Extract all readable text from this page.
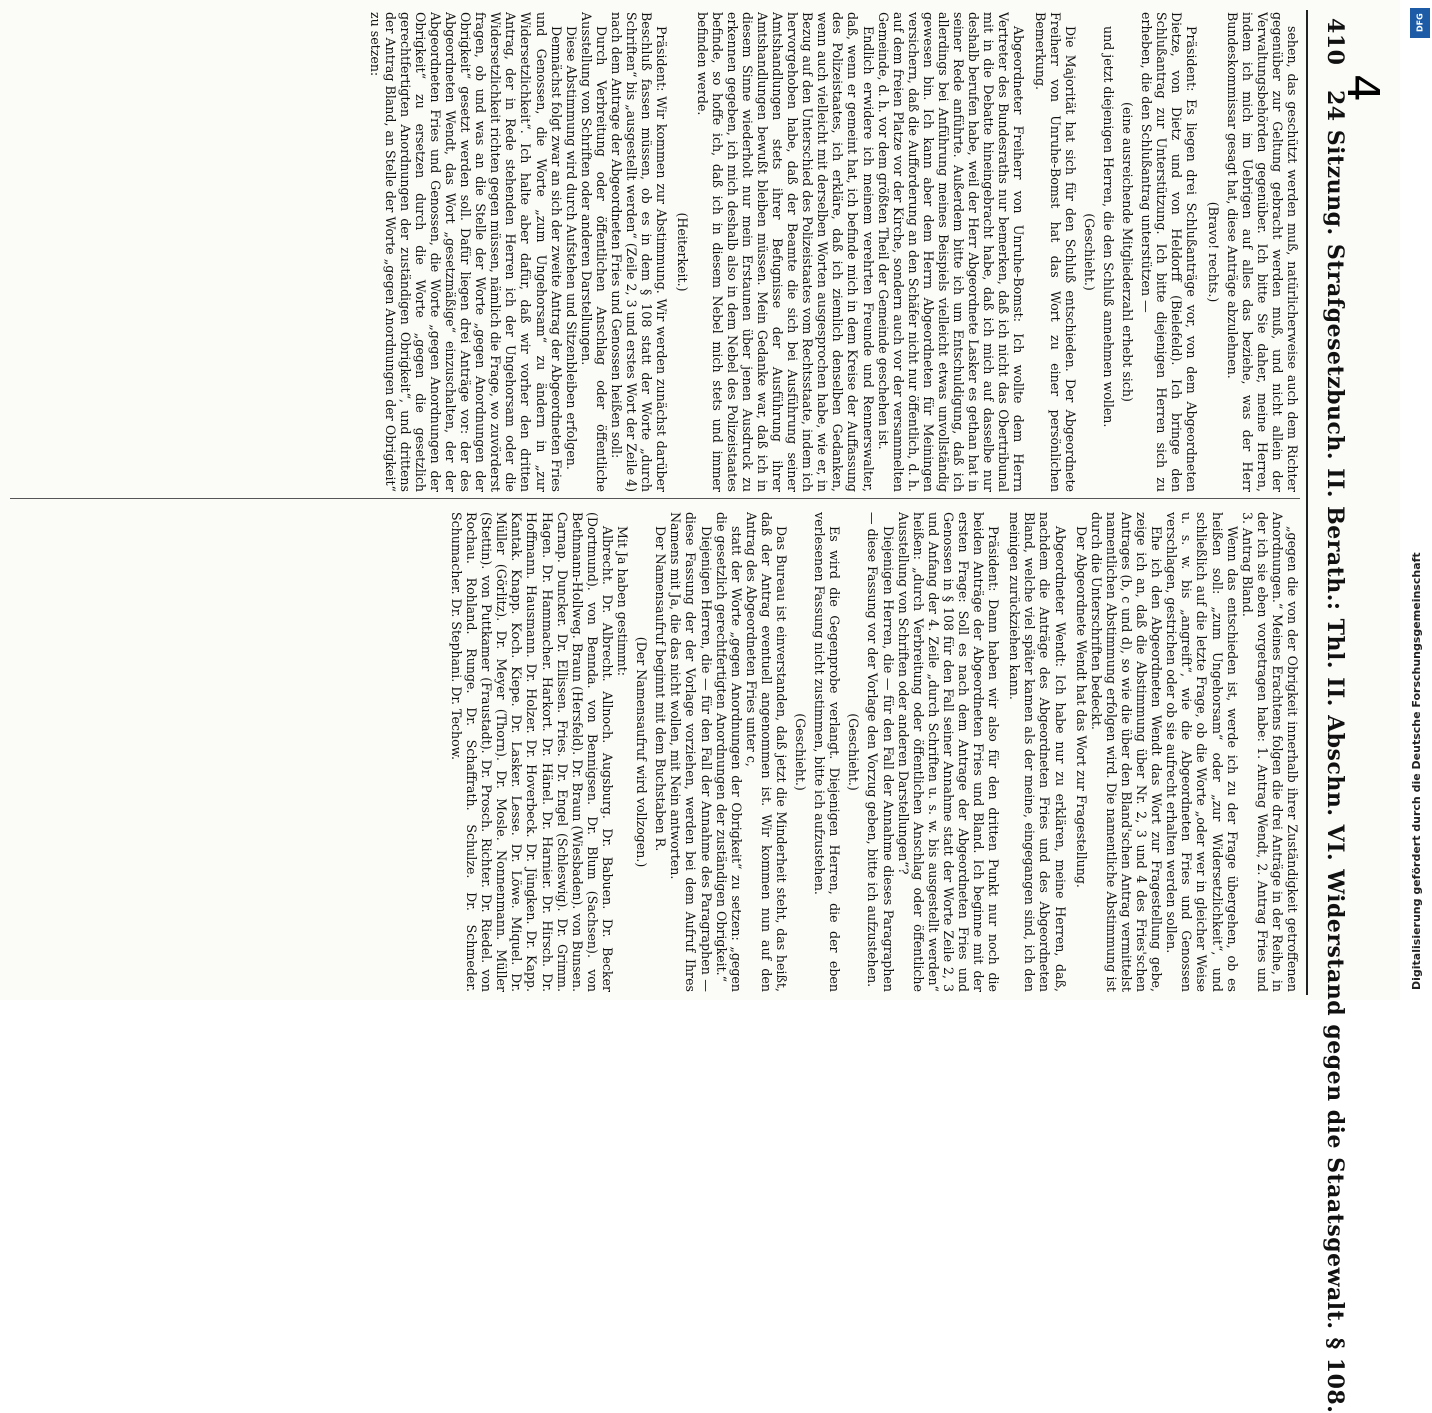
4
410
24 Sitzung. Strafgesetzbuch. II. Berath.: Thl. II. Abschn. VI. Widerstand gegen die Staatsgewalt. § 108.

sehen, das geschützt werden muß, natürlicherweise auch dem Richter gegenüber zur Geltung gebracht werden muß, und nicht allein der Verwaltungsbehörden gegenüber. Ich bitte Sie daher, meine Herren, indem ich mich im Uebrigen auf alles das beziehe, was der Herr Bundeskommissar gesagt hat, diese Anträge abzulehnen.

(Bravo! rechts.)

Präsident: Es liegen drei Schlußanträge vor, von dem Abgeordneten Dietze, von Dietz und von Heldorff (Bielefeld). Ich bringe den Schlußantrag zur Unterstützung. Ich bitte diejenigen Herren sich zu erheben, die den Schlußantrag unterstützen —

(eine ausreichende Mitgliederzahl erhebt sich)

und jetzt diejenigen Herren, die den Schluß annehmen wollen.

(Geschieht.)

Die Majorität hat sich für den Schluß entschieden. Der Abgeordnete Freiherr von Unruhe-Bomst hat das Wort zu einer persönlichen Bemerkung.

Abgeordneter Freiherr von Unruhe-Bomst: Ich wollte dem Herrn Vertreter des Bundesraths nur bemerken, daß ich nicht das Obertribunal mit in die Debatte hineingebracht habe, daß ich mich auf dasselbe nur deshalb berufen habe, weil der Herr Abgeordnete Lasker es gethan hat in seiner Rede anführte. Außerdem bitte ich um Entschuldigung, daß ich allerdings bei Anführung meines Beispiels vielleicht etwas unvollständig gewesen bin. Ich kann aber dem Herrn Abgeordneten für Meiningen versichern, daß die Aufforderung an den Schäfer nicht nur öffentlich, d. h. auf dem freien Platze vor der Kirche, sondern auch vor der versammelten Gemeinde, d. h. vor dem größten Theil der Gemeinde geschehen ist.

Endlich erwidere ich meinem verehrten Freunde und Rennerswalter, daß, wenn er gemeint hat, ich befinde mich in dem Kreise der Auffassung des Polizeistaates, ich erkläre, daß ich ziemlich denselben Gedanken, wenn auch vielleicht mit derselben Worten ausgesprochen habe, wie er, in Bezug auf den Unterschied des Polizeistaates vom Rechtsstaate, indem ich hervorgehoben habe, daß der Beamte die sich bei Ausführung seiner Amtshandlungen stets ihrer Befugnisse der Ausführung ihrer Amtshandlungen bewußt bleiben müssen. Mein Gedanke war, daß ich in diesem Sinne wiederholt nur mein Erstaunen über jenen Ausdruck zu erkennen gegeben, ich mich deshalb also in dem Nebel des Polizeistaates befinde, so hoffe ich, daß ich in diesem Nebel mich stets und immer befinden werde.

(Heiterkeit.)

Präsident: Wir kommen zur Abstimmung. Wir werden zunächst darüber Beschluß fassen müssen, ob es in dem § 108 statt der Worte „durch Schriften“ bis „ausgestellt werden“ (Zeile 2, 3 und erstes Wort der Zeile 4) nach dem Antrage der Abgeordneten Fries und Genossen heißen soll:

Durch Verbreitung oder öffentlichen Anschlag oder öffentliche Ausstellung von Schriften oder anderen Darstellungen.

Diese Abstimmung wird durch Aufstehen und Sitzenbleiben erfolgen.

Demnächst folgt zwar an sich der zweite Antrag der Abgeordneten Fries und Genossen, die Worte „zum Ungehorsam“ zu ändern in „zur Widersetzlichkeit“. Ich halte aber dafür, daß wir vorher den dritten Antrag, der in Rede stehenden Herren ich der Ungehorsam oder die Widersetzlichkeit richten gegen müssen, nämlich die Frage, wo zuvörderst fragen, ob und was an die Stelle der Worte „gegen Anordnungen der Obrigkeit“ gesetzt werden soll. Dafür liegen drei Anträge vor: der des Abgeordneten Wendt, das Wort „gesetzmäßige“ einzuschalten, der der Abgeordneten Fries und Genossen, die Worte „gegen Anordnungen der Obrigkeit“ zu ersetzen durch die Worte „gegen die gesetzlich gerechtfertigten Anordnungen der zuständigen Obrigkeit“, und drittens der Antrag Bland, an Stelle der Worte „gegen Anordnungen der Obrigkeit“ zu setzen:

„gegen die von der Obrigkeit innerhalb ihrer Zuständigkeit getroffenen Anordnungen.“ Meines Erachtens folgen die drei Anträge in der Reihe, in der ich sie eben vorgetragen habe: 1. Antrag Wendt, 2. Antrag Fries und 3. Antrag Bland.

Wenn das entschieden ist, werde ich zu der Frage übergehen, ob es heißen soll: „zum Ungehorsam“ oder „zur Widersetzlichkeit“, und schließlich auf die letzte Frage, ob die Worte „oder wer in gleicher Weise u. s. w. bis „angreift“, wie die Abgeordneten Fries und Genossen verschlagen, gestrichen oder ob sie aufrecht erhalten werden sollen.

Ehe ich den Abgeordneten Wendt das Wort zur Fragestellung gebe, zeige ich an, daß die Abstimmung über Nr. 2, 3 und 4 des Fries'schen Antrages (b, c und d), so wie die über den Bland'schen Antrag vermittelst namentlichen Abstimmung erfolgen wird. Die namentliche Abstimmung ist durch die Unterschriften bedeckt.

Der Abgeordnete Wendt hat das Wort zur Fragestellung.

Abgeordneter Wendt: Ich habe nur zu erklären, meine Herren, daß, nachdem die Anträge des Abgeordneten Fries und des Abgeordneten Bland, welche viel später kamen als der meine, eingegangen sind, ich den meinigen zurückziehen kann.

Präsident: Dann haben wir also für den dritten Punkt nur noch die beiden Anträge der Abgeordneten Fries und Bland. Ich beginne mit der ersten Frage: Soll es nach dem Antrage der Abgeordneten Fries und Genossen in § 108 für den Fall seiner Annahme statt der Worte Zeile 2, 3 und Anfang der 4. Zeile „durch Schriften u. s. w. bis ausgestellt werden“ heißen: „durch Verbreitung oder öffentlichen Anschlag oder öffentliche Ausstellung von Schriften oder anderen Darstellungen“?

Diejenigen Herren, die — für den Fall der Annahme dieses Paragraphen — diese Fassung vor der Vorlage den Vorzug geben, bitte ich aufzustehen.

(Geschieht.)

Es wird die Gegenprobe verlangt. Diejenigen Herren, die der eben verlesenen Fassung nicht zustimmen, bitte ich aufzustehen.

(Geschieht.)

Das Bureau ist einverstanden, daß jetzt die Minderheit steht, das heißt, daß der Antrag eventuell angenommen ist. Wir kommen nun auf den Antrag des Abgeordneten Fries unter c,

statt der Worte „gegen Anordnungen der Obrigkeit“ zu setzen: „gegen die gesetzlich gerechtfertigten Anordnungen der zuständigen Obrigkeit.“

Diejenigen Herren, die — für den Fall der Annahme des Paragraphen — diese Fassung der der Vorlage vorziehen, werden bei dem Aufruf Ihres Namens mit Ja, die das nicht wollen, mit Nein antworten.

Der Namensaufruf beginnt mit dem Buchstaben R.

(Der Namensaufruf wird vollzogen.)

Mit Ja haben gestimmt:

Albrecht. Dr. Albrecht. Allnoch. Augsburg. Dr. Babuen. Dr. Becker (Dortmund). von Bennda. von Bennigsen. Dr. Blum (Sachsen). von Bethmann-Hollweg. Braun (Hersfeld). Dr. Braun (Wiesbaden). von Bunsen. Carnap. Duncker. Dr. Ellissen. Fries. Dr. Engel (Schleswig). Dr. Grimm. Hagen. Dr. Hammacher. Harkort. Dr. Hänel. Dr. Harnier. Dr. Hirsch. Dr. Hoffmann. Hausmann. Dr. Holzer. Dr. Hoverbeck. Dr. Jüngken. Dr. Kapp. Kantak. Knapp. Koch. Kiepe. Dr. Lasker. Lesse. Dr. Löwe. Miquel. Dr. Müller (Görlitz). Dr. Meyer (Thorn). Dr. Mosle. Nonnenmann. Müller (Stettin). von Puttkamer (Fraustadt). Dr. Prosch. Richter. Dr. Riedel. von Rochau. Rohland. Runge. Dr. Schaffrath. Schulze. Dr. Schmeder. Schumacher. Dr. Stephani. Dr. Techow.

DFG
Digitalisierung gefördert durch die Deutsche Forschungsgemeinschaft
